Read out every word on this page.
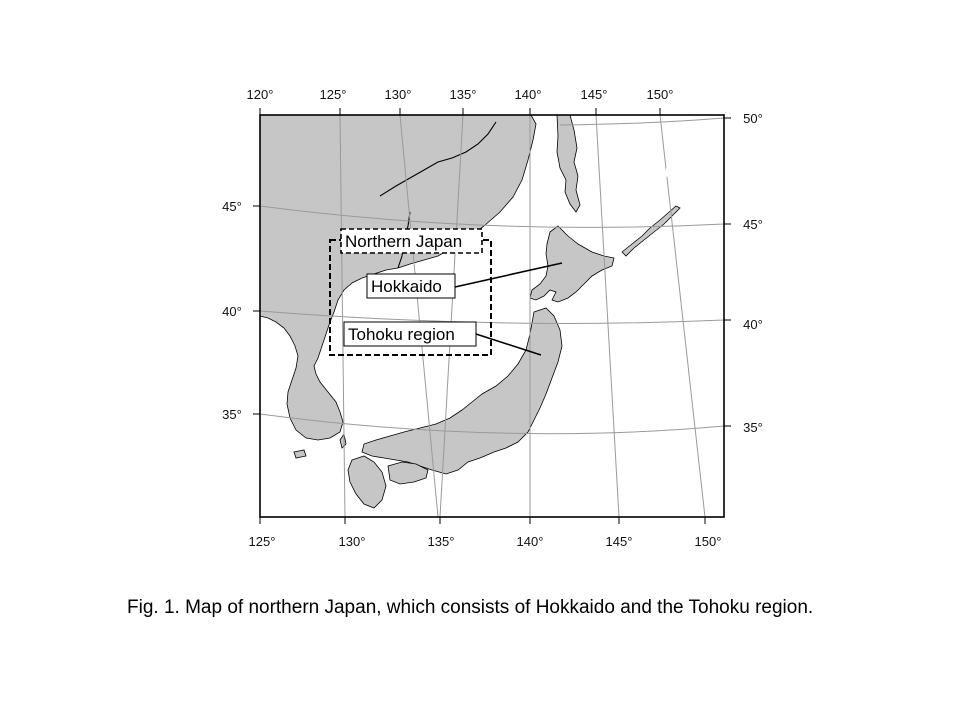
120°	125°	130°	135°	140°	145°	150°
125°	130°	135°	140°	145°	150°
45°
40°
35°
50°
45°
40°
35°
Sea of
Okhotsk
Northern Japan
Hokkaido
Tohoku region

Fig. 1. Map of northern Japan, which consists of Hokkaido and the Tohoku region.
